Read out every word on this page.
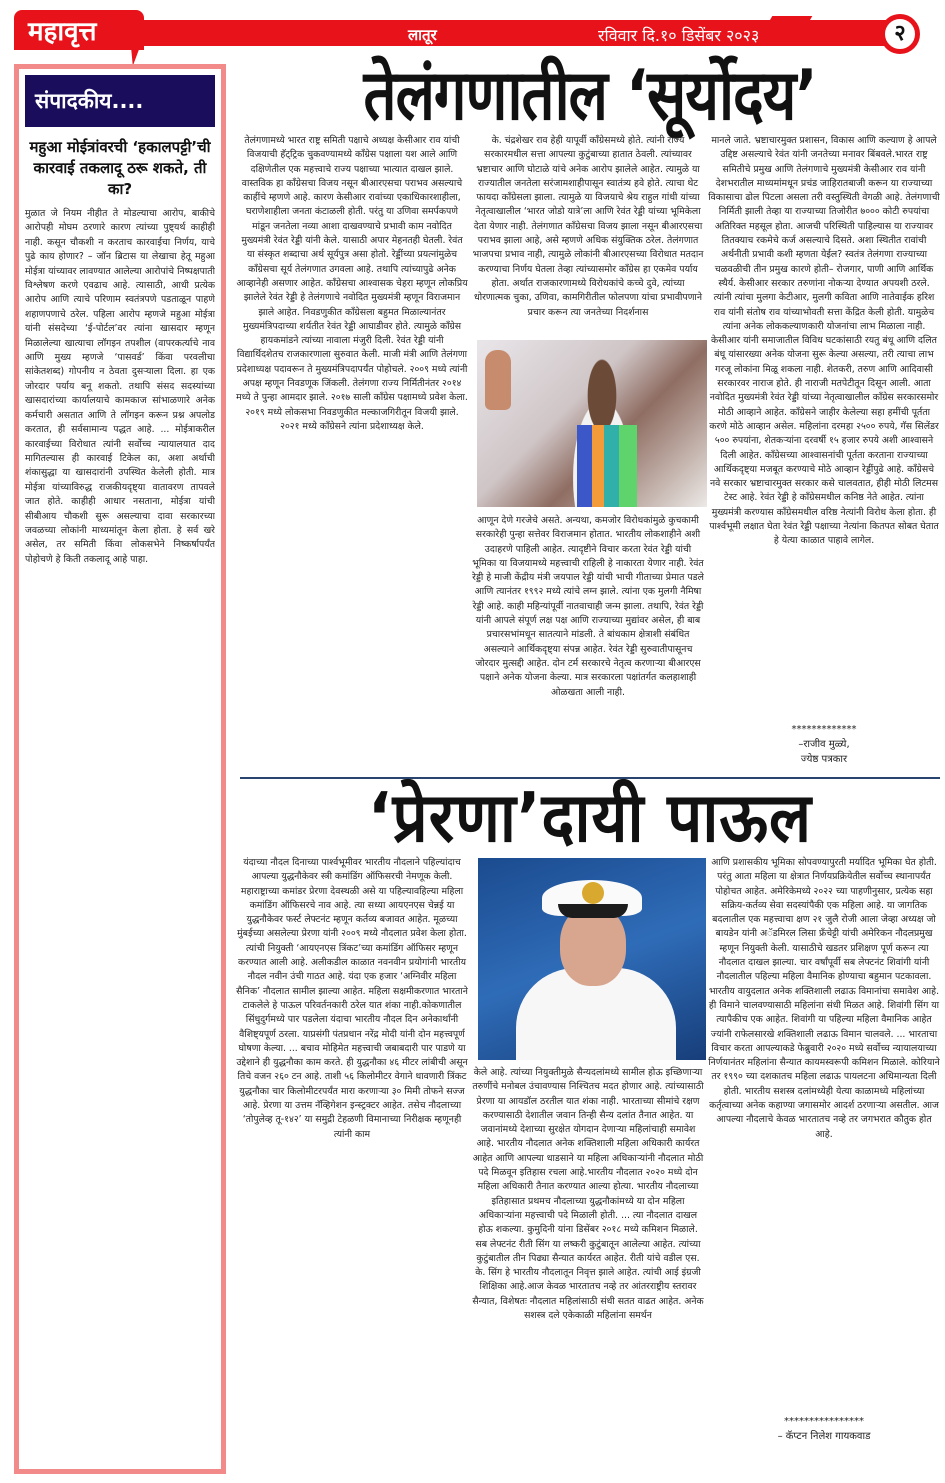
महावृत्त	लातूर	रविवार दि.१० डिसेंबर २०२३	२
संपादकीय....
महुआ मोईत्रांवरची ‘हकालपट्टी’ची कारवाई तकलादू ठरू शकते, ती का?
मुळात जे नियम नीहीत ते मोडल्याचा आरोप, बाकीचे आरोपही मोघम ठरणारे कारण त्यांच्या पुष्ट्यर्थ काहीही नाही. कसून चौकशी न करताच कारवाईचा निर्णय, याचे पुढे काय होणार? – जॉन ब्रिटास या लेखाचा हेतू महुआ मोईत्रा यांच्यावर लावण्यात आलेल्या आरोपांचे निष्पक्षपाती विश्लेषण करणे एवढाच आहे. त्यासाठी, आधी प्रत्येक आरोप आणि त्याचे परिणाम स्वतंत्रपणे पडताळून पाहणे शहाणपणाचे ठरेल. पहिला आरोप म्हणजे महुआ मोईत्रा यांनी संसदेच्या ‘ई-पोर्टल’वर त्यांना खासदार म्हणून मिळालेल्या खात्याचा लॉगइन तपशील (वापरकर्त्याचे नाव आणि मुख्य म्हणजे ‘पासवर्ड’ किंवा परवलीचा सांकेतशब्द) गोपनीय न ठेवता दुसऱ्याला दिला. हा एक जोरदार पर्याय बनू शकतो. तथापि संसद सदस्यांच्या खासदारांच्या कार्यालयाचे कामकाज सांभाळणारे अनेक कर्मचारी असतात आणि ते लॉगइन करून प्रश्न अपलोड करतात, ही सर्वसामान्य पद्धत आहे. ... मोईत्राकरील कारवाईच्या विरोधात त्यांनी सर्वोच्च न्यायालयात दाद मागितल्यास ही कारवाई टिकेल का, अशा अर्थाची शंकासुद्धा या खासदारांनी उपस्थित केलेली होती. मात्र मोईत्रा यांच्याविरुद्ध राजकीयदृष्ट्या वातावरण तापवले जात होते. काहीही आधार नसताना, मोईत्रा यांची सीबीआय चौकशी सुरू असल्याचा दावा सरकारच्या जवळच्या लोकांनी माध्यमांतून केला होता. हे सर्व खरे असेल, तर समिती किंवा लोकसभेने निष्कर्षापर्यंत पोहोचणे हे किती तकलादू आहे पाहा.
तेलंगणातील ‘सूर्योदय’
तेलंगणामध्ये भारत राष्ट्र समिती पक्षाचे अध्यक्ष केसीआर राव यांची विजयाची हॅट्ट्रिक चुकवण्यामध्ये काँग्रेस पक्षाला यश आले आणि दक्षिणेतील एक महत्त्वाचे राज्य पक्षाच्या भात्यात दाखल झाले. वास्तविक हा काँग्रेसचा विजय नसून बीआरएसचा पराभव असल्याचे काहींचे म्हणणे आहे. कारण केसीआर रावांच्या एकाधिकारशाहीला, घराणेशाहीला जनता कंटाळली होती. परंतु या उणिवा समर्पकपणे मांडून जनतेला नव्या आशा दाखवण्याचे प्रभावी काम नवोदित मुख्यमंत्री रेवंत रेड्डी यांनी केले. यासाठी अपार मेहनतही घेतली. रेवंत या संस्कृत शब्दाचा अर्थ सूर्यपुत्र असा होतो. रेड्डींच्या प्रयत्नांमुळेच काँग्रेसचा सूर्य तेलंगणात उगवला आहे. तथापि त्यांच्यापुढे अनेक आव्हानेही असणार आहेत. काँग्रेसचा आश्वासक चेहरा म्हणून लोकप्रिय झालेले रेवंत रेड्डी हे तेलंगणाचे नवोदित मुख्यमंत्री म्हणून विराजमान झाले आहेत. निवडणुकीत काँग्रेसला बहुमत मिळाल्यानंतर मुख्यमंत्रिपदाच्या शर्यतीत रेवंत रेड्डी आघाडीवर होते. त्यामुळे काँग्रेस हायकमांडने त्यांच्या नावाला मंजुरी दिली. रेवंत रेड्डी यांनी विद्यार्थिदशेतच राजकारणाला सुरुवात केली. माजी मंत्री आणि तेलंगणा प्रदेशाध्यक्ष पदावरून ते मुख्यमंत्रिपदापर्यंत पोहोचले. २००९ मध्ये त्यांनी अपक्ष म्हणून निवडणूक जिंकली. तेलंगणा राज्य निर्मितीनंतर २०१४ मध्ये ते पुन्हा आमदार झाले. २०१७ साली काँग्रेस पक्षामध्ये प्रवेश केला. २०१९ मध्ये लोकसभा निवडणुकीत मल्काजगिरीतून विजयी झाले. २०२१ मध्ये काँग्रेसने त्यांना प्रदेशाध्यक्ष केले.
के. चंद्रशेखर राव हेही यापूर्वी काँग्रेसमध्ये होते. त्यांनी राज्य सरकारमधील सत्ता आपल्या कुटुंबाच्या हातात ठेवली. त्यांच्यावर भ्रष्टाचार आणि घोटाळे यांचे अनेक आरोप झालेले आहेत. त्यामुळे या राज्यातील जनतेला सरंजामशाहीपासून स्वातंत्र्य हवे होते. त्याचा थेट फायदा काँग्रेसला झाला. त्यामुळे या विजयाचे श्रेय राहुल गांधी यांच्या नेतृत्वाखालील ‘भारत जोडो यात्रे’ला आणि रेवंत रेड्डी यांच्या भूमिकेला देता येणार नाही. तेलंगणात काँग्रेसचा विजय झाला नसून बीआरएसचा पराभव झाला आहे, असे म्हणणे अधिक संयुक्तिक ठरेल. तेलंगणात भाजपचा प्रभाव नाही, त्यामुळे लोकांनी बीआरएसच्या विरोधात मतदान करण्याचा निर्णय घेतला तेव्हा त्यांच्यासमोर काँग्रेस हा एकमेव पर्याय होता. अर्थात राजकारणामध्ये विरोधकांचे कच्चे दुवे, त्यांच्या धोरणात्मक चुका, उणिवा, कामगिरीतील फोलपणा यांचा प्रभावीपणाने प्रचार करून त्या जनतेच्या निदर्शनास
आणून देणे गरजेचे असते. अन्यथा, कमजोर विरोधकांमुळे कुचकामी सरकारेही पुन्हा सत्तेवर विराजमान होतात. भारतीय लोकशाहीने अशी उदाहरणे पाहिली आहेत. त्यादृष्टीने विचार करता रेवंत रेड्डी यांची भूमिका या विजयामध्ये महत्त्वाची राहिली हे नाकारता येणार नाही. रेवंत रेड्डी हे माजी केंद्रीय मंत्री जयपाल रेड्डी यांची भाची गीताच्या प्रेमात पडले आणि त्यानंतर १९९२ मध्ये त्यांचे लग्न झाले. त्यांना एक मुलगी नैमिषा रेड्डी आहे. काही महिन्यांपूर्वी नातवाचाही जन्म झाला. तथापि, रेवंत रेड्डी यांनी आपले संपूर्ण लक्ष पक्ष आणि राज्याच्या मुद्यांवर असेल, ही बाब प्रचारसभांमधून सातत्याने मांडली. ते बांधकाम क्षेत्राशी संबंधित असल्याने आर्थिकदृष्ट्या संपन्न आहेत. रेवंत रेड्डी सुरुवातीपासूनच जोरदार मुत्सद्दी आहेत. दोन टर्म सरकारचे नेतृत्व करणाऱ्या बीआरएस पक्षाने अनेक योजना केल्या. मात्र सरकारला पक्षांतर्गत कलहाशाही ओळखता आली नाही.
मानले जाते. भ्रष्टाचारमुक्त प्रशासन, विकास आणि कल्याण हे आपले उद्दिष्ट असल्याचे रेवंत यांनी जनतेच्या मनावर बिंबवले.भारत राष्ट्र समितीचे प्रमुख आणि तेलंगणाचे मुख्यमंत्री केसीआर राव यांनी देशभरातील माध्यमांमधून प्रचंड जाहिरातबाजी करून या राज्याच्या विकासाचा ढोल पिटला असला तरी वस्तुस्थिती वेगळी आहे. तेलंगणाची निर्मिती झाली तेव्हा या राज्याच्या तिजोरीत ७००० कोटी रुपयांचा अतिरिक्त महसूल होता. आजची परिस्थिती पाहिल्यास या राज्यावर तितक्याच रकमेचे कर्ज असल्याचे दिसते. अशा स्थितीत रावांची अर्थनीती प्रभावी कशी म्हणता येईल? स्वतंत्र तेलंगणा राज्याच्या चळवळीची तीन प्रमुख कारणे होती– रोजगार, पाणी आणि आर्थिक स्थैर्य. केसीआर सरकार तरुणांना नोकऱ्या देण्यात अपयशी ठरले. त्यांनी त्यांचा मुलगा केटीआर, मुलगी कविता आणि नातेवाईक हरिश राव यांनी संतोष राव यांच्याभोवती सत्ता केंद्रित केली होती. यामुळेच त्यांना अनेक लोककल्याणकारी योजनांचा लाभ मिळाला नाही. केसीआर यांनी समाजातील विविध घटकांसाठी रयतु बंधू आणि दलित बंधू यांसारख्या अनेक योजना सुरू केल्या असल्या, तरी त्याचा लाभ गरजू लोकांना मिळू शकला नाही. शेतकरी, तरुण आणि आदिवासी सरकारवर नाराज होते. ही नाराजी मतपेटीतून दिसून आली. आता नवोदित मुख्यमंत्री रेवंत रेड्डी यांच्या नेतृत्वाखालील काँग्रेस सरकारसमोर मोठी आव्हाने आहेत. काँग्रेसने जाहीर केलेल्या सहा हमींची पूर्तता करणे मोठे आव्हान असेल. महिलांना दरमहा २५०० रुपये, गॅस सिलेंडर ५०० रुपयांना, शेतकऱ्यांना दरवर्षी १५ हजार रुपये अशी आश्वासने दिली आहेत. काँग्रेसच्या आश्वासनांची पूर्तता करताना राज्याच्या आर्थिकदृष्ट्या मजबूत करण्याचे मोठे आव्हान रेड्डींपुढे आहे. काँग्रेसचे नवे सरकार भ्रष्टाचारमुक्त सरकार कसे चालवतात, हीही मोठी लिटमस टेस्ट आहे. रेवंत रेड्डी हे काँग्रेसमधील कनिष्ठ नेते आहेत. त्यांना मुख्यमंत्री करण्यास काँग्रेसमधील वरिष्ठ नेत्यांनी विरोध केला होता. ही पार्श्वभूमी लक्षात घेता रेवंत रेड्डी पक्षाच्या नेत्यांना कितपत सोबत घेतात हे येत्या काळात पाहावे लागेल.
*************
–राजीव मुळ्ये,
ज्येष्ठ पत्रकार
‘प्रेरणा’दायी पाऊल
यंदाच्या नौदल दिनाच्या पार्श्वभूमीवर भारतीय नौदलाने पहिल्यांदाच आपल्या युद्धनौकेवर स्त्री कमांडिंग ऑफिसरची नेमणूक केली. महाराष्ट्राच्या कमांडर प्रेरणा देवस्थळी असे या पहिल्यावहिल्या महिला कमांडिंग ऑफिसरचे नाव आहे. त्या सध्या आयएनएस चेन्नई या युद्धनौकेवर फर्स्ट लेफ्टनंट म्हणून कर्तव्य बजावत आहेत. मूळच्या मुंबईच्या असलेल्या प्रेरणा यांनी २००९ मध्ये नौदलात प्रवेश केला होता. त्यांची नियुक्ती ‘आयएनएस त्रिंकट’च्या कमांडिंग ऑफिसर म्हणून करण्यात आली आहे. अलीकडील काळात नवनवीन प्रयोगांनी भारतीय नौदल नवीन उंची गाठत आहे. यंदा एक हजार ‘अग्निवीर महिला सैनिक’ नौदलात सामील झाल्या आहेत. महिला सक्षमीकरणात भारताने टाकलेले हे पाऊल परिवर्तनकारी ठरेल यात शंका नाही.कोकणातील सिंधुदुर्गमध्ये पार पडलेला यंदाचा भारतीय नौदल दिन अनेकार्थांनी वैशिष्ट्यपूर्ण ठरला. याप्रसंगी पंतप्रधान नरेंद्र मोदी यांनी दोन महत्त्वपूर्ण घोषणा केल्या. ... बचाव मोहिमेत महत्त्वाची जबाबदारी पार पाडणे या उद्देशाने ही युद्धनौका काम करते. ही युद्धनौका ४६ मीटर लांबीची असून तिचे वजन २६० टन आहे. ताशी ५६ किलोमीटर वेगाने धावणारी त्रिंकट युद्धनौका चार किलोमीटरपर्यंत मारा करणाऱ्या ३० मिमी तोफने सज्ज आहे. प्रेरणा या उत्तम नॅव्हिगेशन इन्स्ट्रक्टर आहेत. तसेच नौदलाच्या ‘तोपुलेव्ह तू-१४२’ या समुद्री टेहळणी विमानाच्या निरीक्षक म्हणूनही त्यांनी काम
केले आहे. त्यांच्या नियुक्तीमुळे सैन्यदलांमध्ये सामील होऊ इच्छिणाऱ्या तरुणींचे मनोबल उंचावण्यास निश्चितच मदत होणार आहे. त्यांच्यासाठी प्रेरणा या आयडॉल ठरतील यात शंका नाही. भारताच्या सीमांचे रक्षण करण्यासाठी देशातील जवान तिन्ही सैन्य दलांत तैनात आहेत. या जवानांमध्ये देशाच्या सुरक्षेत योगदान देणाऱ्या महिलांचाही समावेश आहे. भारतीय नौदलात अनेक शक्तिशाली महिला अधिकारी कार्यरत आहेत आणि आपल्या धाडसाने या महिला अधिकाऱ्यांनी नौदलात मोठी पदे मिळवून इतिहास रचला आहे.भारतीय नौदलात २०२० मध्ये दोन महिला अधिकारी तैनात करण्यात आल्या होत्या. भारतीय नौदलाच्या इतिहासात प्रथमच नौदलाच्या युद्धनौकांमध्ये या दोन महिला अधिकाऱ्यांना महत्त्वाची पदे मिळाली होती. ... त्या नौदलात दाखल होऊ शकल्या. कुमुदिनी यांना डिसेंबर २०१८ मध्ये कमिशन मिळाले. सब लेफ्टनंट रीती सिंग या लष्करी कुटुंबातून आलेल्या आहेत. त्यांच्या कुटुंबातील तीन पिढ्या सैन्यात कार्यरत आहेत. रीती यांचे वडील एस. के. सिंग हे भारतीय नौदलातून निवृत्त झाले आहेत. त्यांची आई इंग्रजी शिक्षिका आहे.आज केवळ भारतातच नव्हे तर आंतरराष्ट्रीय स्तरावर सैन्यात, विशेषतः नौदलात महिलांसाठी संधी सतत वाढत आहेत. अनेक सशस्त्र दले एकेकाळी महिलांना समर्थन
आणि प्रशासकीय भूमिका सोपवण्यापुरती मर्यादित भूमिका घेत होती. परंतु आता महिला या क्षेत्रात निर्णयप्रक्रियेतील सर्वोच्च स्थानापर्यंत पोहोचत आहेत. अमेरिकेमध्ये २०२२ च्या पाहणीनुसार, प्रत्येक सहा सक्रिय-कर्तव्य सेवा सदस्यांपैकी एक महिला आहे. या जागतिक बदलातील एक महत्त्वाचा क्षण २१ जुलै रोजी आला जेव्हा अध्यक्ष जो बायडेन यांनी अॅडमिरल लिसा फ्रँचेट्टी यांची अमेरिकन नौदलप्रमुख म्हणून नियुक्ती केली. यासाठीचे खडतर प्रशिक्षण पूर्ण करून त्या नौदलात दाखल झाल्या. चार वर्षांपूर्वी सब लेफ्टनंट शिवांगी यांनी नौदलातील पहिल्या महिला वैमानिक होण्याचा बहुमान पटकावला. भारतीय वायुदलात अनेक शक्तिशाली लढाऊ विमानांचा समावेश आहे. ही विमाने चालवण्यासाठी महिलांना संधी मिळत आहे. शिवांगी सिंग या त्यापैकीच एक आहेत. शिवांगी या पहिल्या महिला वैमानिक आहेत ज्यांनी राफेलसारखे शक्तिशाली लढाऊ विमान चालवले. ... भारताचा विचार करता आपल्याकडे फेब्रुवारी २०२० मध्ये सर्वोच्च न्यायालयाच्या निर्णयानंतर महिलांना सैन्यात कायमस्वरूपी कमिशन मिळाले. कोरियाने तर १९९० च्या दशकातच महिला लढाऊ पायलटना अधिमान्यता दिली होती. भारतीय सशस्त्र दलांमध्येही येत्या काळामध्ये महिलांच्या कर्तृत्वाच्या अनेक कहाण्या जगासमोर आदर्श ठरणाऱ्या असतील. आज आपल्या नौदलाचे केवळ भारतातच नव्हे तर जगभरात कौतुक होत आहे.
****************
– कॅप्टन निलेश गायकवाड
